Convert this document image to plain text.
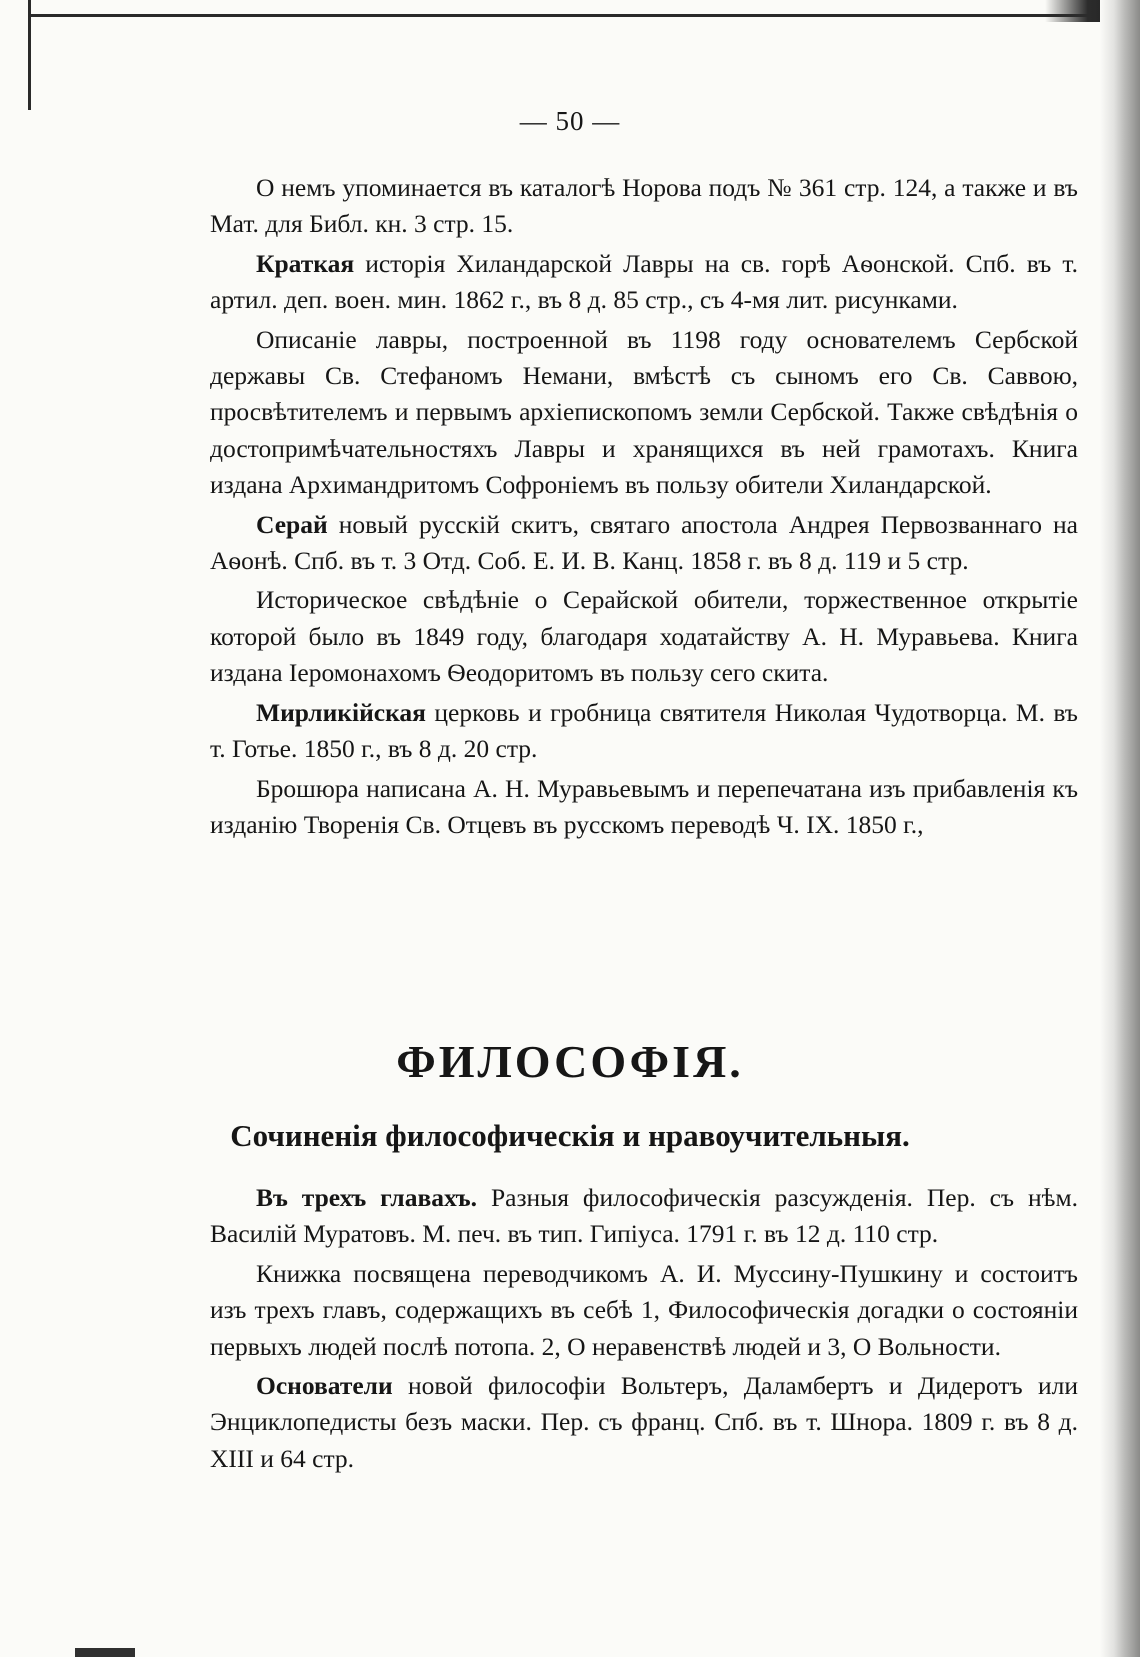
— 50 —

О немъ упоминается въ каталогѣ Норова подъ № 361 стр. 124, а также и въ Мат. для Библ. кн. 3 стр. 15.

Краткая исторія Хиландарской Лавры на св. горѣ Аѳонской. Спб. въ т. артил. деп. воен. мин. 1862 г., въ 8 д. 85 стр., съ 4-мя лит. рисунками.

Описаніе лавры, построенной въ 1198 году основателемъ Сербской державы Св. Стефаномъ Немани, вмѣстѣ съ сыномъ его Св. Саввою, просвѣтителемъ и первымъ архіепископомъ земли Сербской. Также свѣдѣнія о достопримѣчательностяхъ Лавры и хранящихся въ ней грамотахъ. Книга издана Архимандритомъ Софроніемъ въ пользу обители Хиландарской.

Серай новый русскій скитъ, святаго апостола Андрея Первозваннаго на Аѳонѣ. Спб. въ т. 3 Отд. Соб. Е. И. В. Канц. 1858 г. въ 8 д. 119 и 5 стр.

Историческое свѣдѣніе о Серайской обители, торжественное открытіе которой было въ 1849 году, благодаря ходатайству А. Н. Муравьева. Книга издана Іеромонахомъ Ѳеодоритомъ въ пользу сего скита.

Мирликійская церковь и гробница святителя Николая Чудотворца. М. въ т. Готье. 1850 г., въ 8 д. 20 стр.

Брошюра написана А. Н. Муравьевымъ и перепечатана изъ прибавленія къ изданію Творенія Св. Отцевъ въ русскомъ переводѣ Ч. IX. 1850 г.,

ФИЛОСОФІЯ.
Сочиненія философическія и нравоучительныя.

Въ трехъ главахъ. Разныя философическія разсужденія. Пер. съ нѣм. Василій Муратовъ. М. печ. въ тип. Гипіуса. 1791 г. въ 12 д. 110 стр.

Книжка посвящена переводчикомъ А. И. Муссину-Пушкину и состоитъ изъ трехъ главъ, содержащихъ въ себѣ 1, Философическія догадки о состояніи первыхъ людей послѣ потопа. 2, О неравенствѣ людей и 3, О Вольности.

Основатели новой философіи Вольтеръ, Даламбертъ и Дидеротъ или Энциклопедисты безъ маски. Пер. съ франц. Спб. въ т. Шнора. 1809 г. въ 8 д. XIII и 64 стр.
